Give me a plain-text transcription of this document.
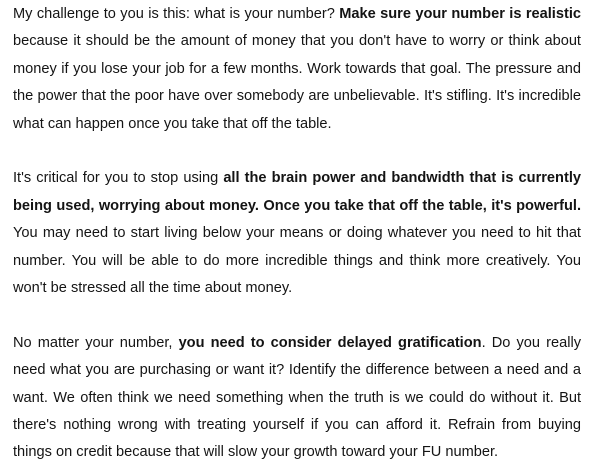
My challenge to you is this: what is your number? Make sure your number is realistic because it should be the amount of money that you don't have to worry or think about money if you lose your job for a few months. Work towards that goal. The pressure and the power that the poor have over somebody are unbelievable. It's stifling. It's incredible what can happen once you take that off the table.

It's critical for you to stop using all the brain power and bandwidth that is currently being used, worrying about money. Once you take that off the table, it's powerful. You may need to start living below your means or doing whatever you need to hit that number. You will be able to do more incredible things and think more creatively. You won't be stressed all the time about money.

No matter your number, you need to consider delayed gratification. Do you really need what you are purchasing or want it? Identify the difference between a need and a want. We often think we need something when the truth is we could do without it. But there's nothing wrong with treating yourself if you can afford it. Refrain from buying things on credit because that will slow your growth toward your FU number.
